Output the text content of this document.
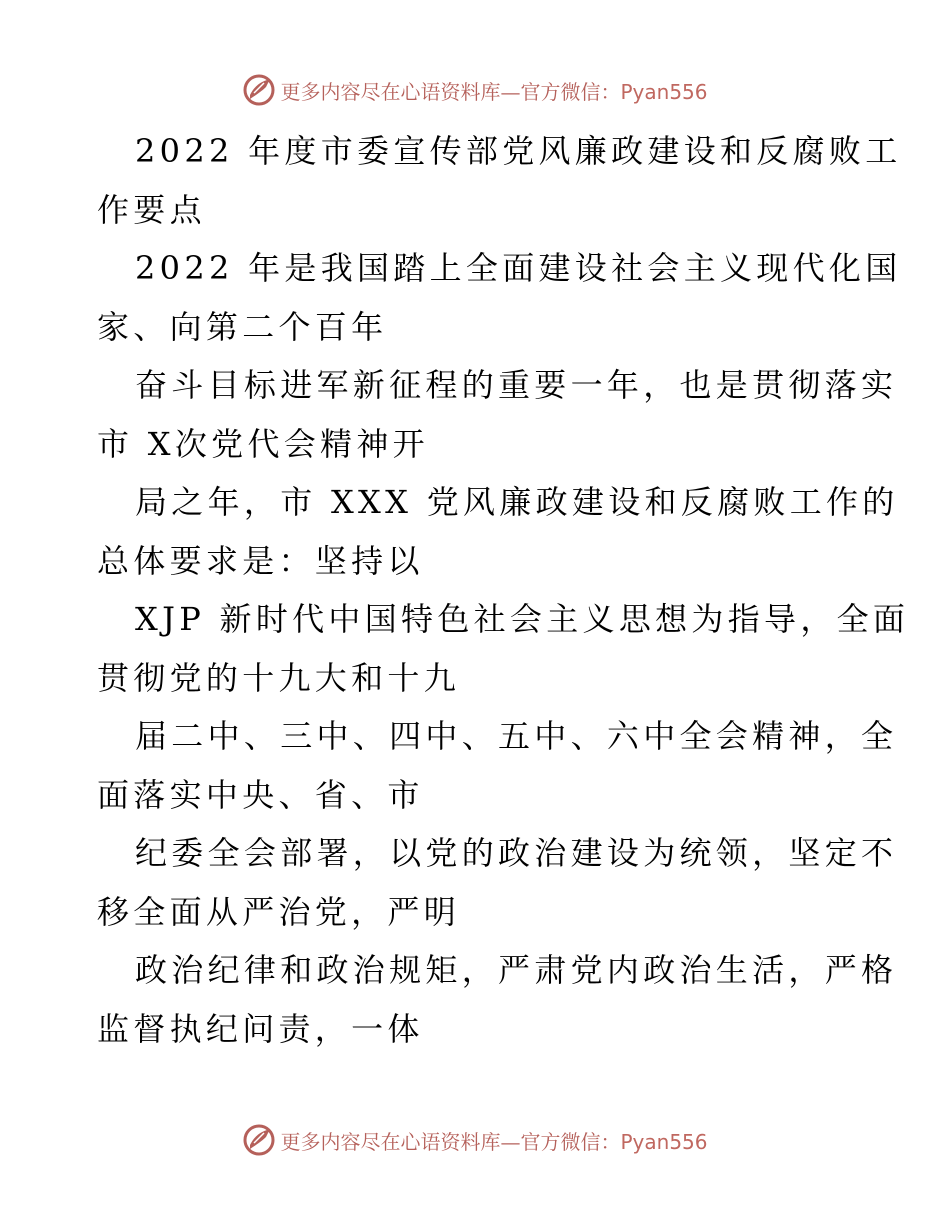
更多内容尽在心语资料库—官方微信：Pyan556
2022 年度市委宣传部党风廉政建设和反腐败工
作要点
2022 年是我国踏上全面建设社会主义现代化国
家、向第二个百年
奋斗目标进军新征程的重要一年，也是贯彻落实
市 X次党代会精神开
局之年，市 XXX 党风廉政建设和反腐败工作的
总体要求是：坚持以
XJP 新时代中国特色社会主义思想为指导，全面
贯彻党的十九大和十九
届二中、三中、四中、五中、六中全会精神，全
面落实中央、省、市
纪委全会部署，以党的政治建设为统领，坚定不
移全面从严治党，严明
政治纪律和政治规矩，严肃党内政治生活，严格
监督执纪问责，一体
更多内容尽在心语资料库—官方微信：Pyan556
